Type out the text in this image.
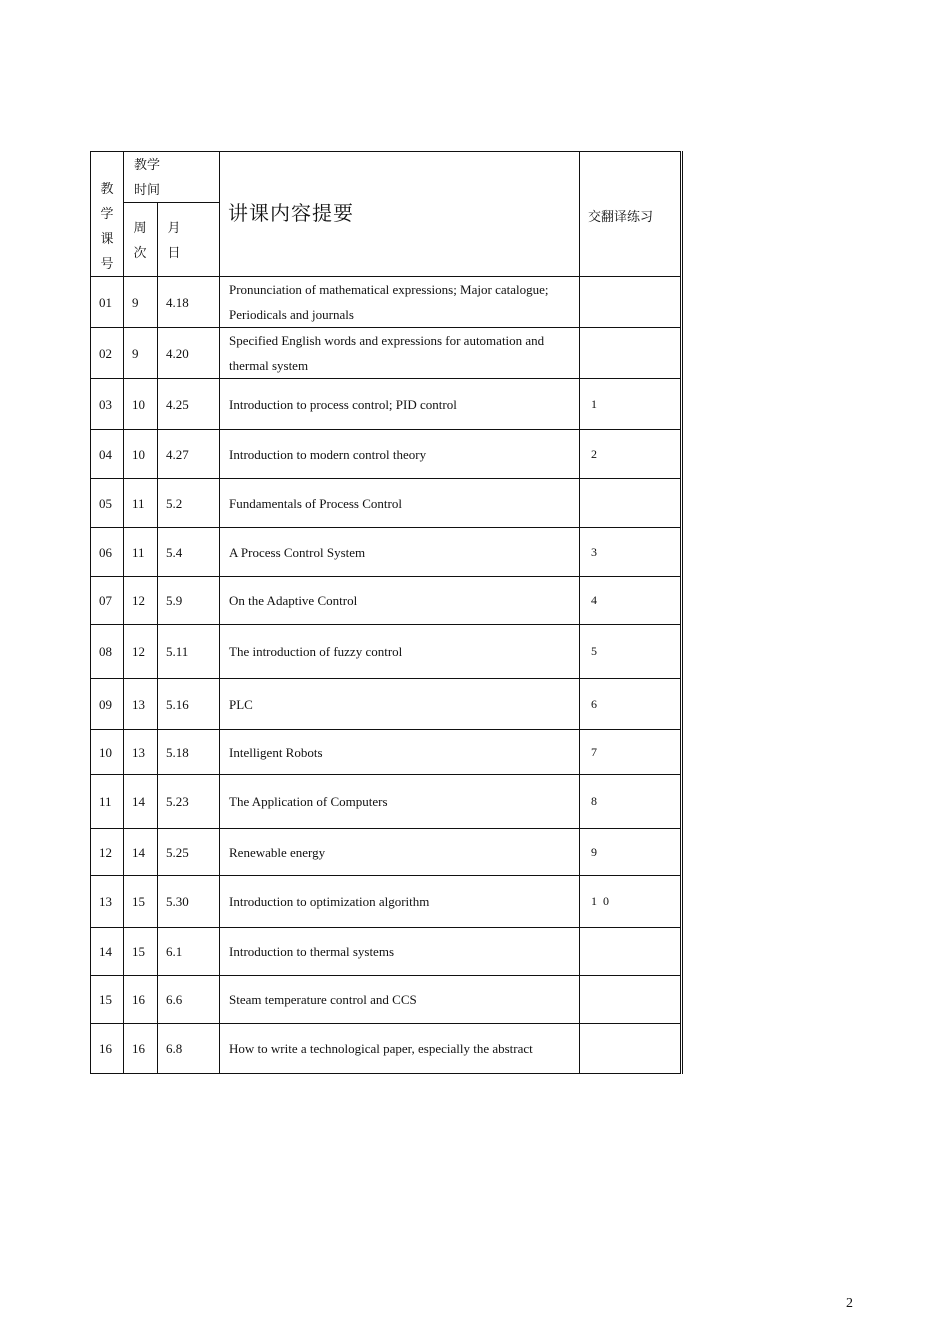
教学课号	教学时间		讲课内容提要	交翻译练习

	周次	月日		

01	9	4.18	Pronunciation of mathematical expressions; Major catalogue; Periodicals and journals	
02	9	4.20	Specified English words and expressions for automation and thermal system	
03	10	4.25	Introduction to process control; PID control	1
04	10	4.27	Introduction to modern control theory	2
05	11	5.2	Fundamentals of Process Control	
06	11	5.4	A Process Control System	3
07	12	5.9	On the Adaptive Control	4
08	12	5.11	The introduction of fuzzy control	5
09	13	5.16	PLC	6
10	13	5.18	Intelligent Robots	7
11	14	5.23	The Application of Computers	8
12	14	5.25	Renewable energy	9
13	15	5.30	Introduction to optimization algorithm	10
14	15	6.1	Introduction to thermal systems	
15	16	6.6	Steam temperature control and CCS	
16	16	6.8	How to write a technological paper, especially the abstract	
2
